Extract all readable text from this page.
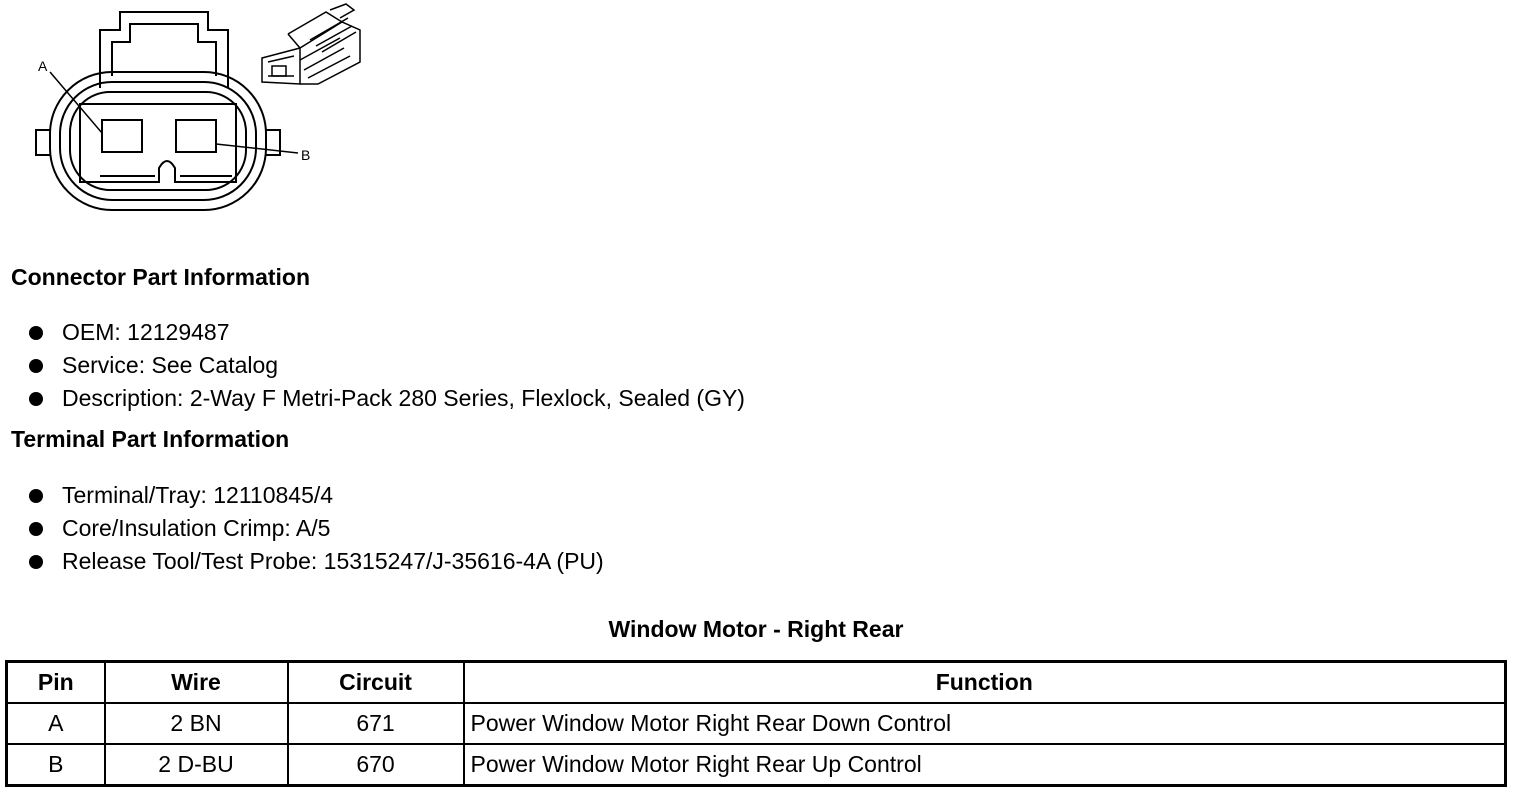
A
B
Connector Part Information
OEM: 12129487
Service: See Catalog
Description: 2-Way F Metri-Pack 280 Series, Flexlock, Sealed (GY)
Terminal Part Information
Terminal/Tray: 12110845/4
Core/Insulation Crimp: A/5
Release Tool/Test Probe: 15315247/J-35616-4A (PU)
Window Motor - Right Rear
Pin	Wire	Circuit	Function
A	2 BN	671	Power Window Motor Right Rear Down Control
B	2 D-BU	670	Power Window Motor Right Rear Up Control
